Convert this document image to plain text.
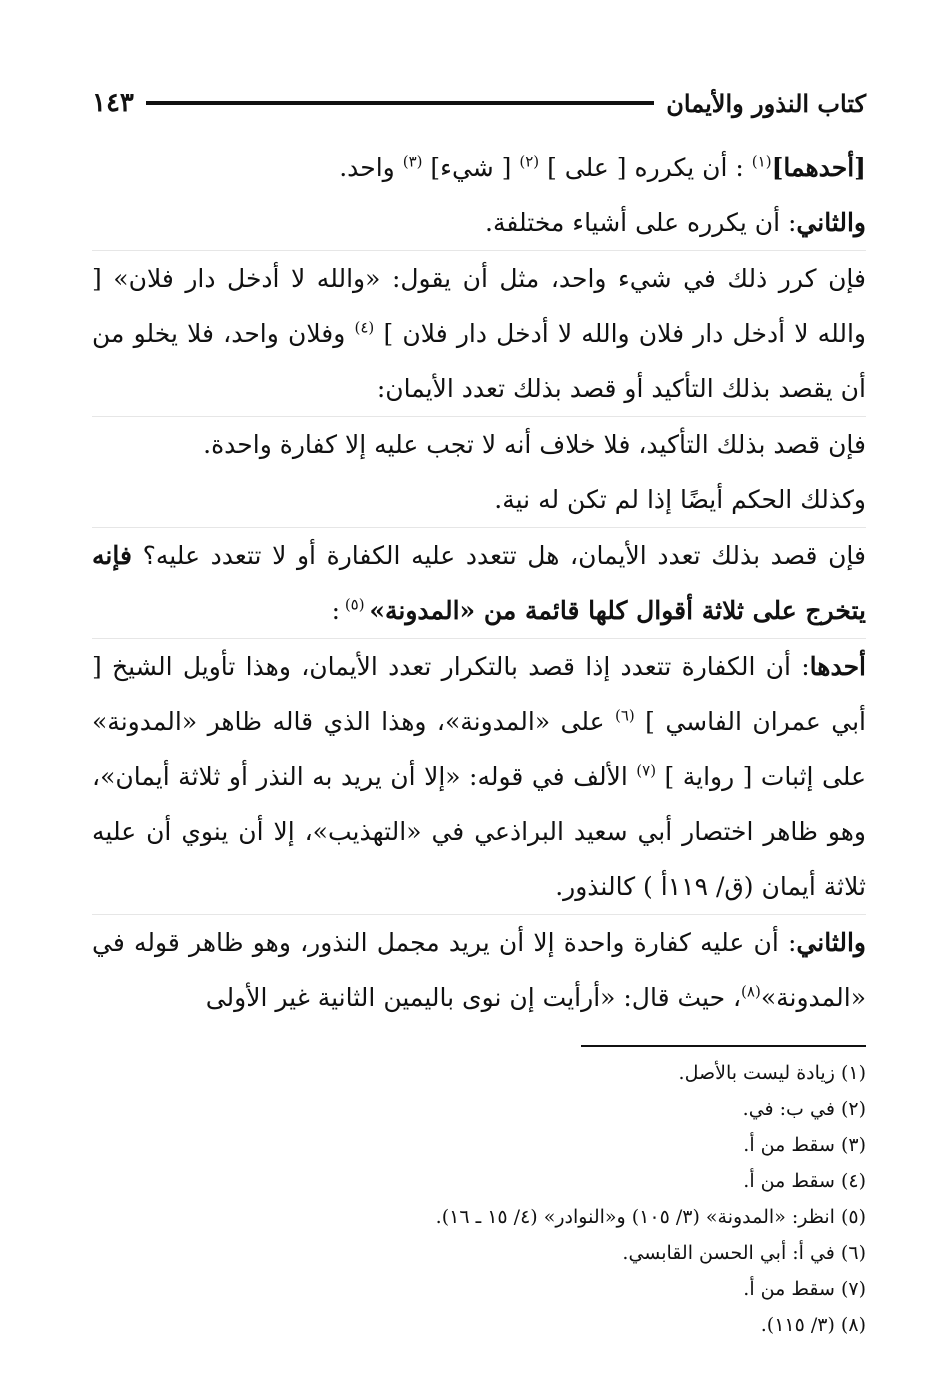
كتاب النذور والأيمان
١٤٣

[أحدهما]$^{(١)}$ : أن يكرره [ على ] $^{(٢)}$ [ شيء] $^{(٣)}$ واحد.

والثاني: أن يكرره على أشياء مختلفة.

فإن كرر ذلك في شيء واحد، مثل أن يقول: «والله لا أدخل دار فلان» [ والله لا أدخل دار فلان والله لا أدخل دار فلان ] $^{(٤)}$ وفلان واحد، فلا يخلو من أن يقصد بذلك التأكيد أو قصد بذلك تعدد الأيمان:

فإن قصد بذلك التأكيد، فلا خلاف أنه لا تجب عليه إلا كفارة واحدة.

وكذلك الحكم أيضًا إذا لم تكن له نية.

فإن قصد بذلك تعدد الأيمان، هل تتعدد عليه الكفارة أو لا تتعدد عليه؟ فإنه يتخرج على ثلاثة أقوال كلها قائمة من «المدونة» $^{(٥)}$ :

أحدها: أن الكفارة تتعدد إذا قصد بالتكرار تعدد الأيمان، وهذا تأويل الشيخ [ أبي عمران الفاسي ] $^{(٦)}$ على «المدونة»، وهذا الذي قاله ظاهر «المدونة» على إثبات [ رواية ] $^{(٧)}$ الألف في قوله: «إلا أن يريد به النذر أو ثلاثة أيمان»، وهو ظاهر اختصار أبي سعيد البراذعي في «التهذيب»، إلا أن ينوي أن عليه ثلاثة أيمان (ق/ ١١٩أ ) كالنذور.

والثاني: أن عليه كفارة واحدة إلا أن يريد مجمل النذور، وهو ظاهر قوله في «المدونة»$^{(٨)}$، حيث قال: «أرأيت إن نوى باليمين الثانية غير الأولى

(١) زيادة ليست بالأصل.

(٢) في ب: في.

(٣) سقط من أ.

(٤) سقط من أ.

(٥) انظر: «المدونة» (٣/ ١٠٥) و«النوادر» (٤/ ١٥ ـ ١٦).

(٦) في أ: أبي الحسن القابسي.

(٧) سقط من أ.

(٨) (٣/ ١١٥).
